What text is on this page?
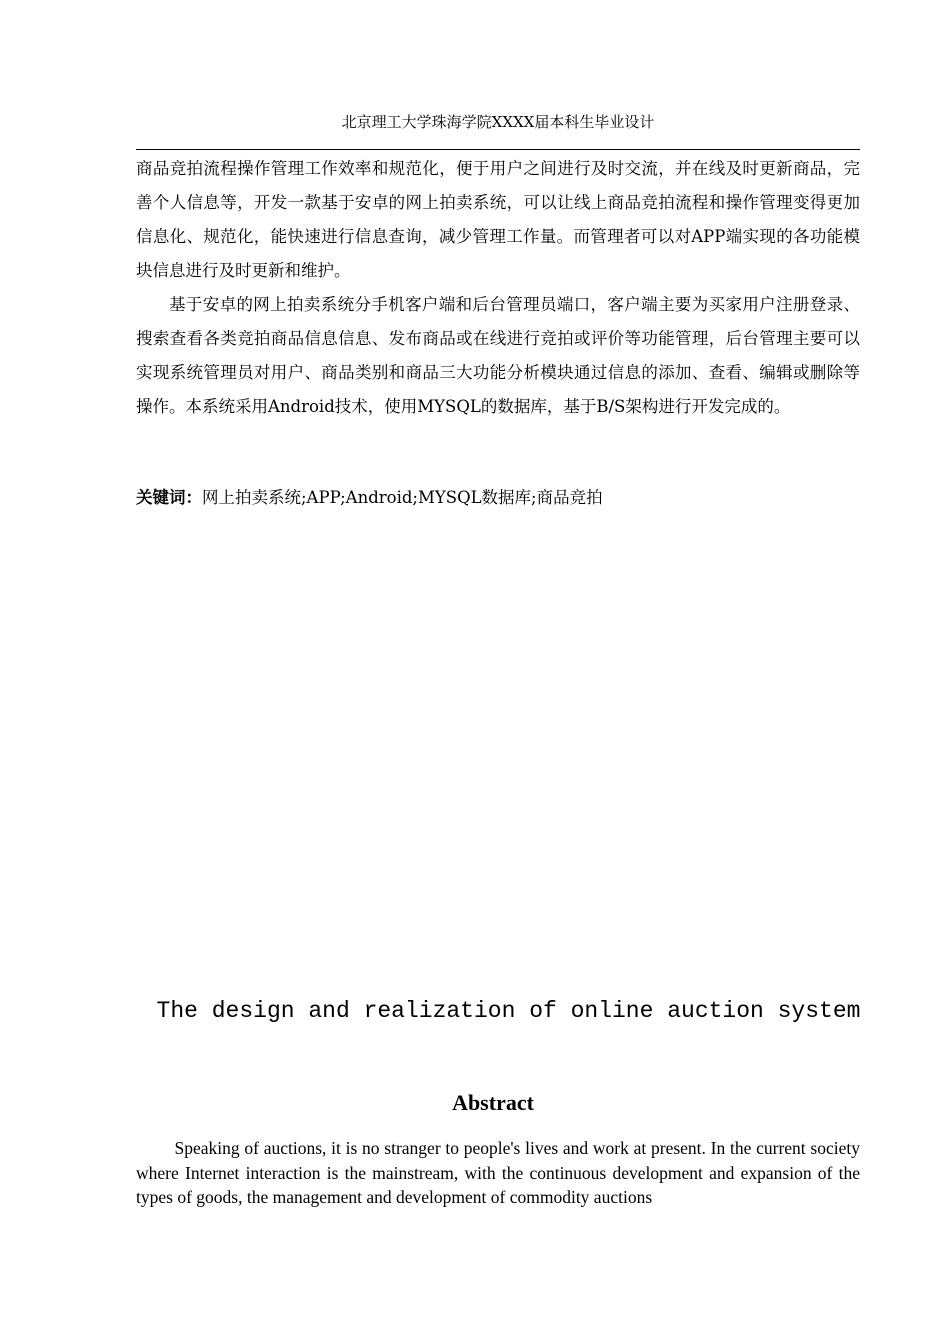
北京理工大学珠海学院XXXX届本科生毕业设计

商品竞拍流程操作管理工作效率和规范化，便于用户之间进行及时交流，并在线及时更新商品，完善个人信息等，开发一款基于安卓的网上拍卖系统，可以让线上商品竞拍流程和操作管理变得更加信息化、规范化，能快速进行信息查询，减少管理工作量。而管理者可以对APP端实现的各功能模块信息进行及时更新和维护。

基于安卓的网上拍卖系统分手机客户端和后台管理员端口，客户端主要为买家用户注册登录、搜索查看各类竞拍商品信息信息、发布商品或在线进行竞拍或评价等功能管理，后台管理主要可以实现系统管理员对用户、商品类别和商品三大功能分析模块通过信息的添加、查看、编辑或删除等操作。本系统采用Android技术，使用MYSQL的数据库，基于B/S架构进行开发完成的。

关键词：网上拍卖系统;APP;Android;MYSQL数据库;商品竞拍
The design and realization of online auction system
Abstract

Speaking of auctions, it is no stranger to people's lives and work at present. In the current society where Internet interaction is the mainstream, with the continuous development and expansion of the types of goods, the management and development of commodity auctions
